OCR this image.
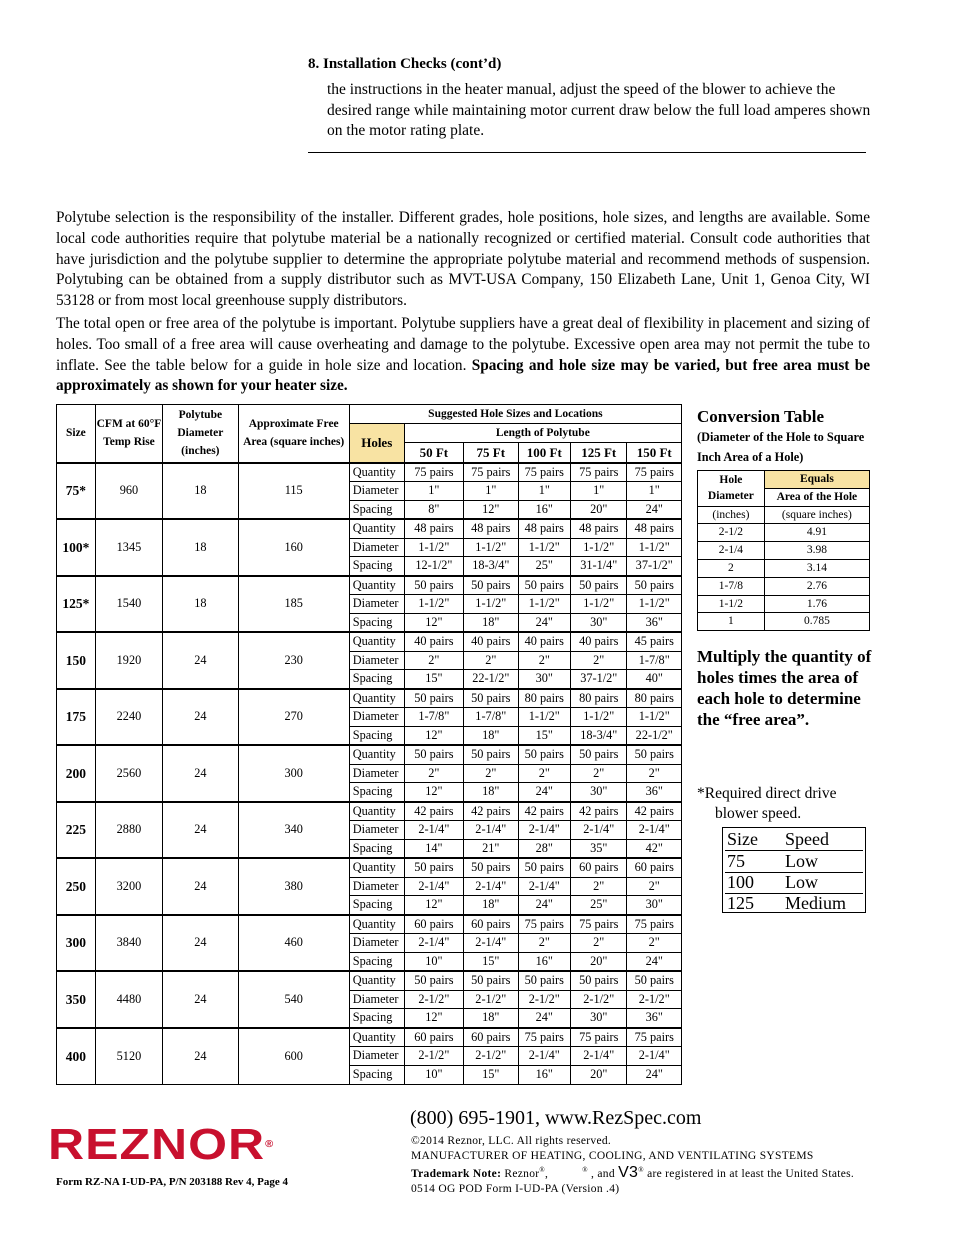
8. Installation Checks (cont’d)
the instructions in the heater manual, adjust the speed of the blower to achieve the desired range while maintaining motor current draw below the full load amperes shown on the motor rating plate.
Polytube selection is the responsibility of the installer. Different grades, hole positions, hole sizes, and lengths are available. Some local code authorities require that polytube material be a nationally recognized or certified material. Consult code authorities that have jurisdiction and the polytube supplier to determine the appropriate polytube material and recommend methods of suspension. Polytubing can be obtained from a supply distributor such as MVT-USA Company, 150 Elizabeth Lane, Unit 1, Genoa City, WI 53128 or from most local greenhouse supply distributors.
The total open or free area of the polytube is important. Polytube suppliers have a great deal of flexibility in placement and sizing of holes. Too small of a free area will cause overheating and damage to the polytube. Excessive open area may not permit the tube to inflate. See the table below for a guide in hole size and location. Spacing and hole size may be varied, but free area must be approximately as shown for your heater size.
Size	CFM at 60°F Temp Rise	Polytube Diameter (inches)	Approximate Free Area (square inches)	Suggested Hole Sizes and Locations					
				Holes	Length of Polytube				
					50 Ft	75 Ft	100 Ft	125 Ft	150 Ft
75*	960	18	115	Quantity	75 pairs	75 pairs	75 pairs	75 pairs	75 pairs
				Diameter	1"	1"	1"	1"	1"
				Spacing	8"	12"	16"	20"	24"
100*	1345	18	160	Quantity	48 pairs	48 pairs	48 pairs	48 pairs	48 pairs
				Diameter	1-1/2"	1-1/2"	1-1/2"	1-1/2"	1-1/2"
				Spacing	12-1/2"	18-3/4"	25"	31-1/4"	37-1/2"
125*	1540	18	185	Quantity	50 pairs	50 pairs	50 pairs	50 pairs	50 pairs
				Diameter	1-1/2"	1-1/2"	1-1/2"	1-1/2"	1-1/2"
				Spacing	12"	18"	24"	30"	36"
150	1920	24	230	Quantity	40 pairs	40 pairs	40 pairs	40 pairs	45 pairs
				Diameter	2"	2"	2"	2"	1-7/8"
				Spacing	15"	22-1/2"	30"	37-1/2"	40"
175	2240	24	270	Quantity	50 pairs	50 pairs	80 pairs	80 pairs	80 pairs
				Diameter	1-7/8"	1-7/8"	1-1/2"	1-1/2"	1-1/2"
				Spacing	12"	18"	15"	18-3/4"	22-1/2"
200	2560	24	300	Quantity	50 pairs	50 pairs	50 pairs	50 pairs	50 pairs
				Diameter	2"	2"	2"	2"	2"
				Spacing	12"	18"	24"	30"	36"
225	2880	24	340	Quantity	42 pairs	42 pairs	42 pairs	42 pairs	42 pairs
				Diameter	2-1/4"	2-1/4"	2-1/4"	2-1/4"	2-1/4"
				Spacing	14"	21"	28"	35"	42"
250	3200	24	380	Quantity	50 pairs	50 pairs	50 pairs	60 pairs	60 pairs
				Diameter	2-1/4"	2-1/4"	2-1/4"	2"	2"
				Spacing	12"	18"	24"	25"	30"
300	3840	24	460	Quantity	60 pairs	60 pairs	75 pairs	75 pairs	75 pairs
				Diameter	2-1/4"	2-1/4"	2"	2"	2"
				Spacing	10"	15"	16"	20"	24"
350	4480	24	540	Quantity	50 pairs	50 pairs	50 pairs	50 pairs	50 pairs
				Diameter	2-1/2"	2-1/2"	2-1/2"	2-1/2"	2-1/2"
				Spacing	12"	18"	24"	30"	36"
400	5120	24	600	Quantity	60 pairs	60 pairs	75 pairs	75 pairs	75 pairs
				Diameter	2-1/2"	2-1/2"	2-1/4"	2-1/4"	2-1/4"
				Spacing	10"	15"	16"	20"	24"
Conversion Table
(Diameter of the Hole to Square Inch Area of a Hole)
Hole Diameter	Equals
	Area of the Hole
(inches)	(square inches)
2-1/2	4.91
2-1/4	3.98
2	3.14
1-7/8	2.76
1-1/2	1.76
1	0.785
Multiply the quantity of holes times the area of each hole to determine the “free area”.
*Required direct drive
blower speed.
Size Speed
75 Low
100 Low
125 Medium
REZNOR®
Form RZ-NA I-UD-PA, P/N 203188 Rev 4, Page 4
(800) 695-1901, www.RezSpec.com
©2014 Reznor, LLC. All rights reserved.
MANUFACTURER OF HEATING, COOLING, AND VENTILATING SYSTEMS
Trademark Note: Reznor®,	® , and V3® are registered in at least the United States.
0514 OG POD Form I-UD-PA (Version .4)
